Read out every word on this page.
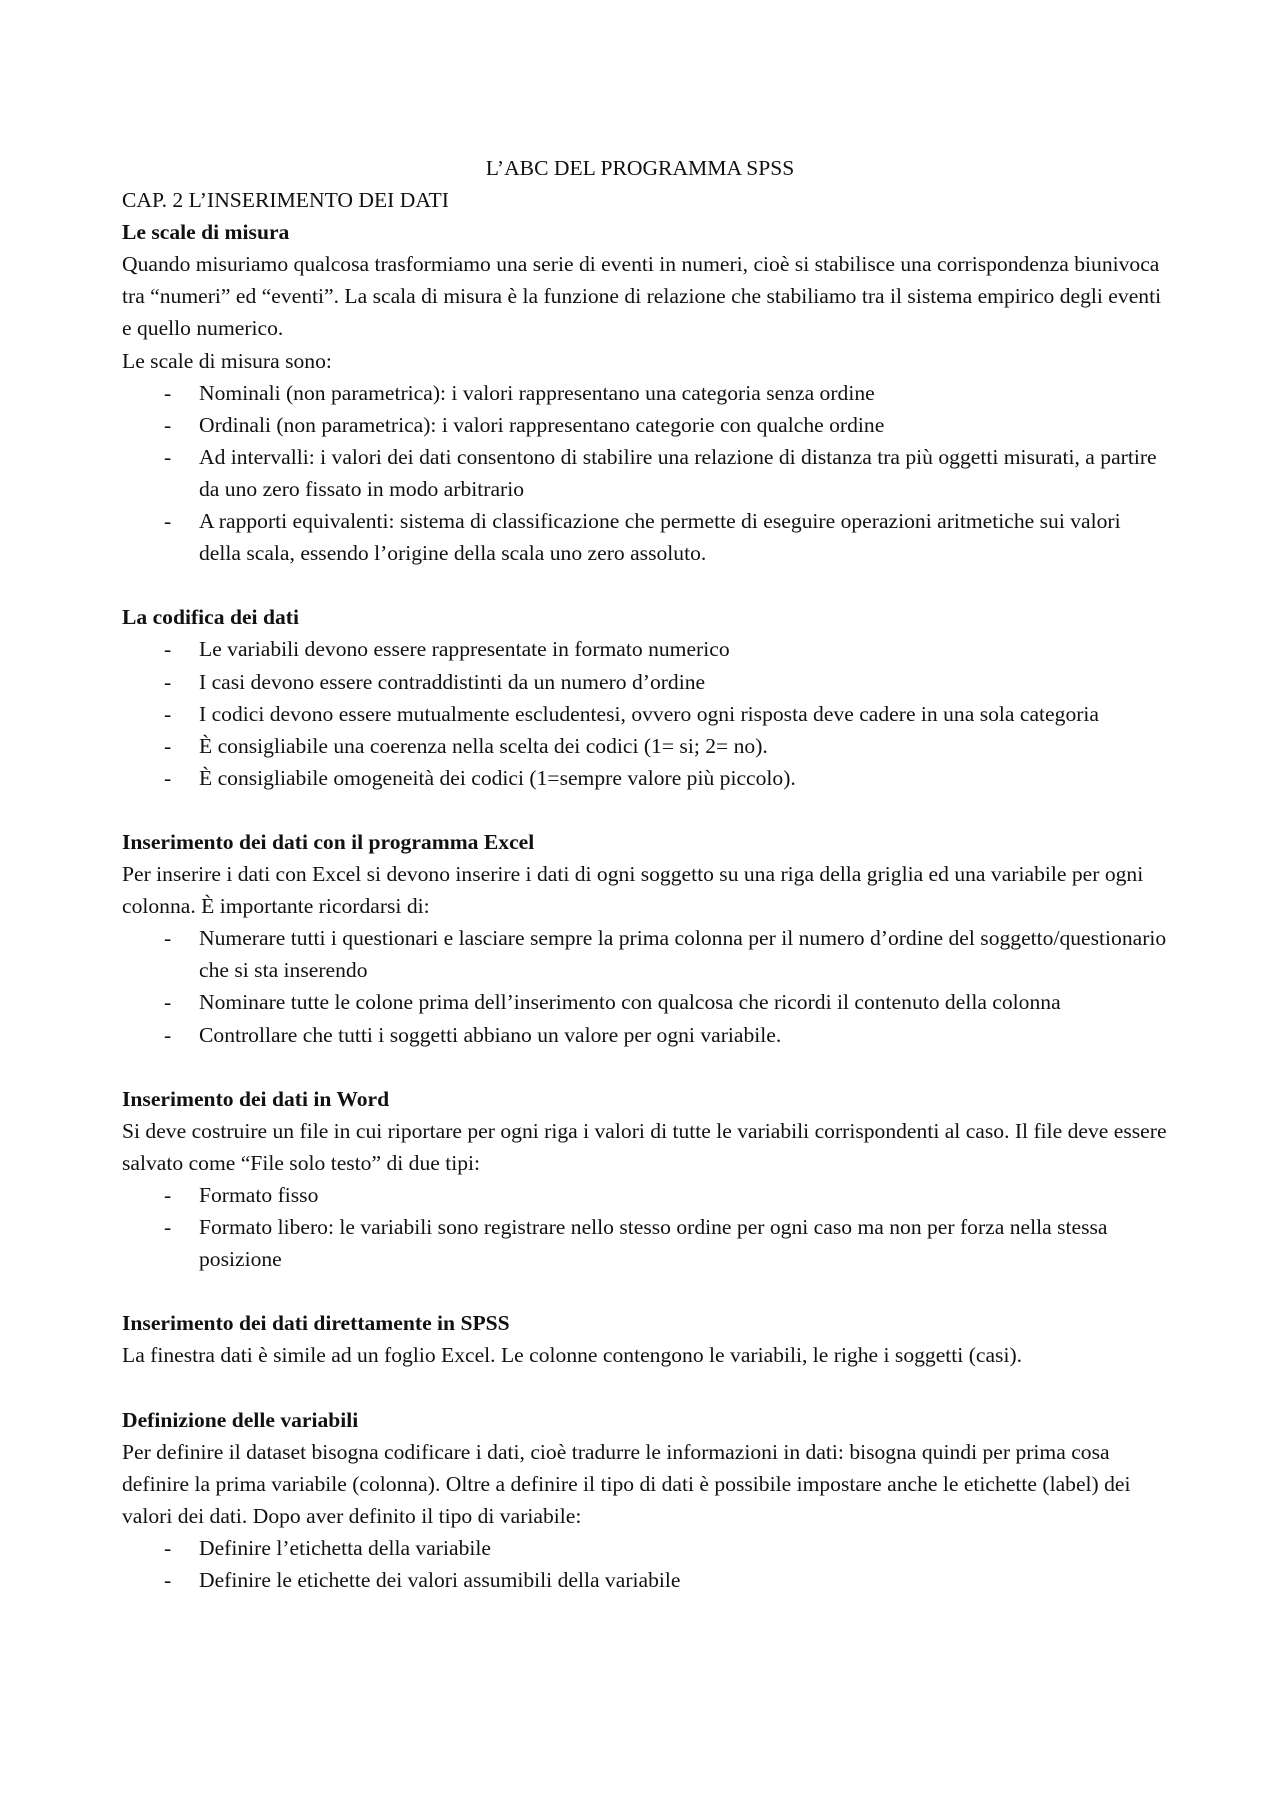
L’ABC DEL PROGRAMMA SPSS
CAP. 2 L’INSERIMENTO DEI DATI
Le scale di misura

Quando misuriamo qualcosa trasformiamo una serie di eventi in numeri, cioè si stabilisce una corrispondenza biunivoca tra “numeri” ed “eventi”. La scala di misura è la funzione di relazione che stabiliamo tra il sistema empirico degli eventi e quello numerico.

Le scale di misura sono:

- Nominali (non parametrica): i valori rappresentano una categoria senza ordine
- Ordinali (non parametrica): i valori rappresentano categorie con qualche ordine
- Ad intervalli: i valori dei dati consentono di stabilire una relazione di distanza tra più oggetti misurati, a partire da uno zero fissato in modo arbitrario
- A rapporti equivalenti: sistema di classificazione che permette di eseguire operazioni aritmetiche sui valori della scala, essendo l’origine della scala uno zero assoluto.
La codifica dei dati
- Le variabili devono essere rappresentate in formato numerico
- I casi devono essere contraddistinti da un numero d’ordine
- I codici devono essere mutualmente escludentesi, ovvero ogni risposta deve cadere in una sola categoria
- È consigliabile una coerenza nella scelta dei codici (1= si; 2= no).
- È consigliabile omogeneità dei codici (1=sempre valore più piccolo).
Inserimento dei dati con il programma Excel

Per inserire i dati con Excel si devono inserire i dati di ogni soggetto su una riga della griglia ed una variabile per ogni colonna. È importante ricordarsi di:

- Numerare tutti i questionari e lasciare sempre la prima colonna per il numero d’ordine del soggetto/questionario che si sta inserendo
- Nominare tutte le colone prima dell’inserimento con qualcosa che ricordi il contenuto della colonna
- Controllare che tutti i soggetti abbiano un valore per ogni variabile.
Inserimento dei dati in Word

Si deve costruire un file in cui riportare per ogni riga i valori di tutte le variabili corrispondenti al caso. Il file deve essere salvato come “File solo testo” di due tipi:

- Formato fisso
- Formato libero: le variabili sono registrare nello stesso ordine per ogni caso ma non per forza nella stessa posizione
Inserimento dei dati direttamente in SPSS

La finestra dati è simile ad un foglio Excel. Le colonne contengono le variabili, le righe i soggetti (casi).

Definizione delle variabili

Per definire il dataset bisogna codificare i dati, cioè tradurre le informazioni in dati: bisogna quindi per prima cosa definire la prima variabile (colonna). Oltre a definire il tipo di dati è possibile impostare anche le etichette (label) dei valori dei dati. Dopo aver definito il tipo di variabile:

- Definire l’etichetta della variabile
- Definire le etichette dei valori assumibili della variabile
